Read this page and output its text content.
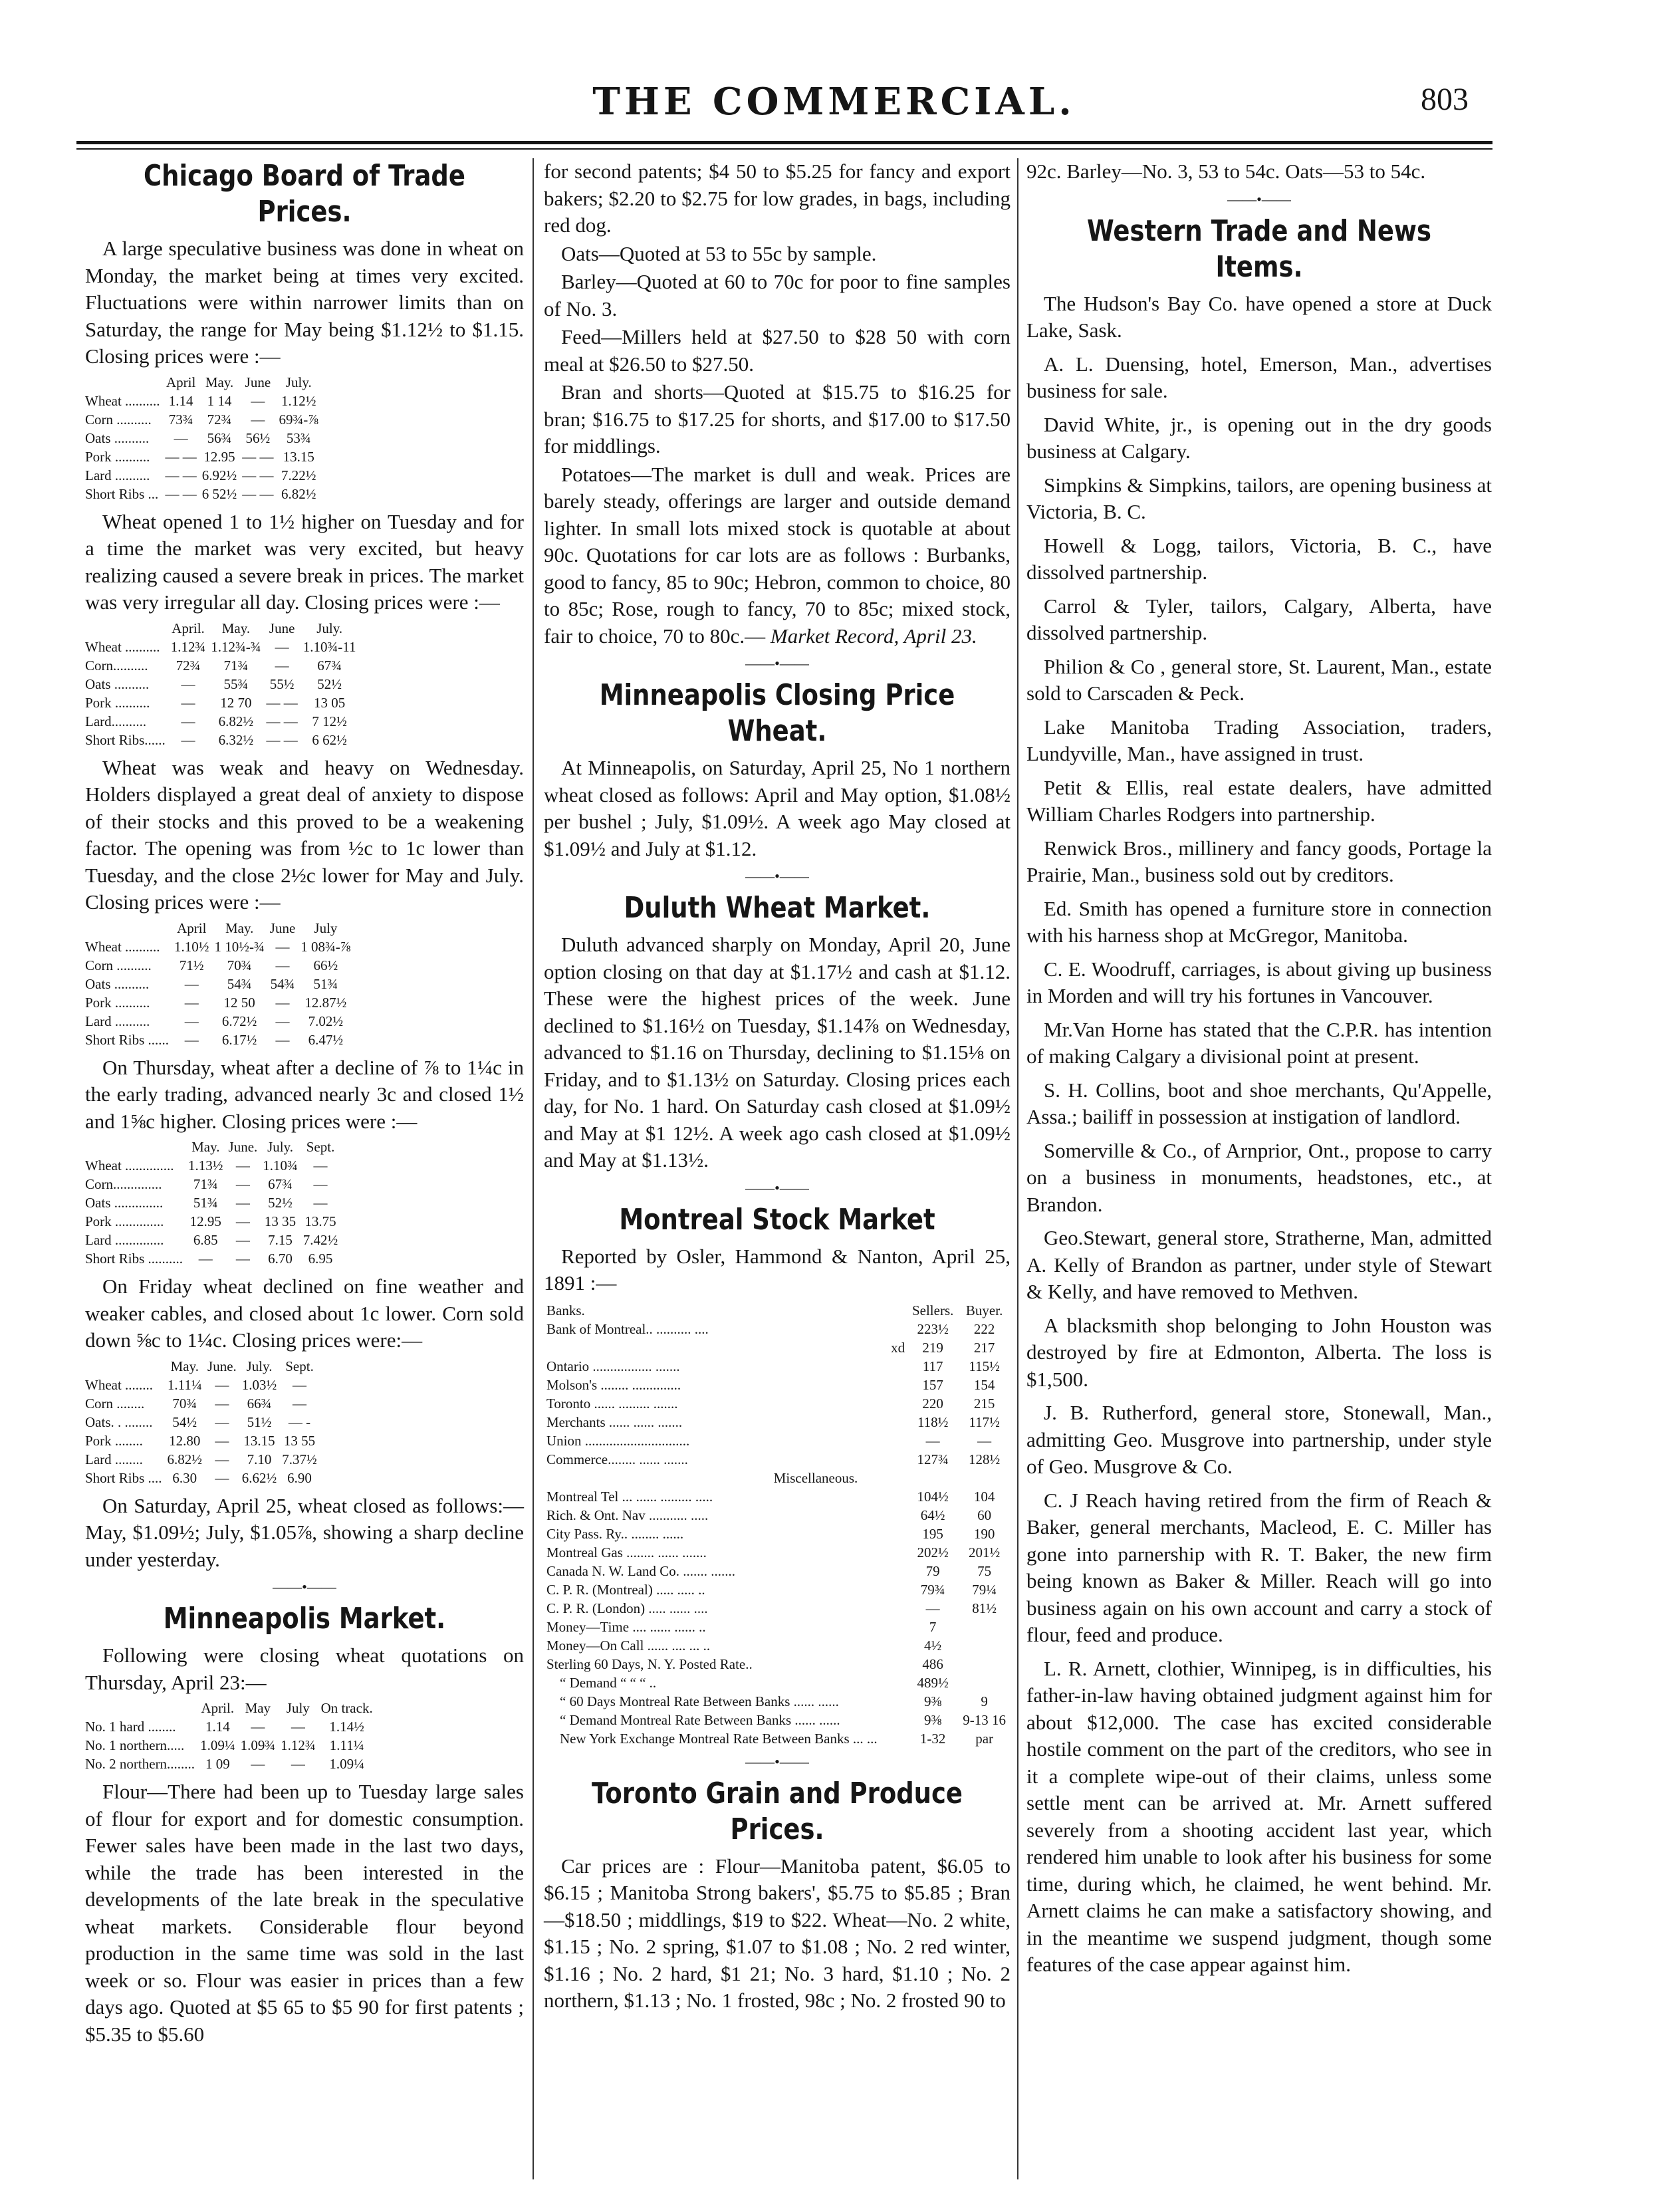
THE COMMERCIAL.	803
Chicago Board of Trade Prices.

A large speculative business was done in wheat on Monday, the market being at times very excited. Fluctuations were within narrower limits than on Saturday, the range for May being $1.12½ to $1.15. Closing prices were :—

	April	May.	June	July.
Wheat ..........	1.14	1 14	—	1.12½
Corn ..........	73¾	72¾	—	69¾-⅞
Oats ..........	—	56¾	56½	53¾
Pork ..........	— —	12.95	— —	13.15
Lard ..........	— —	6.92½	— —	7.22½
Short Ribs ...	— —	6 52½	— —	6.82½

Wheat opened 1 to 1½ higher on Tuesday and for a time the market was very excited, but heavy realizing caused a severe break in prices. The market was very irregular all day. Closing prices were :—

	April.	May.	June	July.
Wheat ..........	1.12¾	1.12¾-¾	—	1.10¾-11
Corn..........	72¾	71¾	—	67¾
Oats ..........	—	55¾	55½	52½
Pork ..........	—	12 70	— —	13 05
Lard..........	—	6.82½	— —	7 12½
Short Ribs......	—	6.32½	— —	6 62½

Wheat was weak and heavy on Wednesday. Holders displayed a great deal of anxiety to dispose of their stocks and this proved to be a weakening factor. The opening was from ½c to 1c lower than Tuesday, and the close 2½c lower for May and July. Closing prices were :—

	April	May.	June	July
Wheat ..........	1.10½	1 10½-¾	—	1 08¾-⅞
Corn ..........	71½	70¾	—	66½
Oats ..........	—	54¾	54¾	51¾
Pork ..........	—	12 50	—	12.87½
Lard ..........	—	6.72½	—	7.02½
Short Ribs ......	—	6.17½	—	6.47½

On Thursday, wheat after a decline of ⅞ to 1¼c in the early trading, advanced nearly 3c and closed 1½ and 1⅝c higher. Closing prices were :—

	May.	June.	July.	Sept.
Wheat ..............	1.13½	—	1.10¾	—
Corn..............	71¾	—	67¾	—
Oats ..............	51¾	—	52½	—
Pork ..............	12.95	—	13 35	13.75
Lard ..............	6.85	—	7.15	7.42½
Short Ribs ..........	—	—	6.70	6.95

On Friday wheat declined on fine weather and weaker cables, and closed about 1c lower. Corn sold down ⅝c to 1¼c. Closing prices were:—

	May.	June.	July.	Sept.
Wheat ........	1.11¼	—	1.03½	—
Corn ........	70¾	—	66¾	—
Oats. . ........	54½	—	51½	— -
Pork ........	12.80	—	13.15	13 55
Lard ........	6.82½	—	7.10	7.37½
Short Ribs ....	6.30	—	6.62½	6.90

On Saturday, April 25, wheat closed as follows:—May, $1.09½; July, $1.05⅞, showing a sharp decline under yesterday.

——•——
Minneapolis Market.

Following were closing wheat quotations on Thursday, April 23:—

	April.	May	July	On track.
No. 1 hard ........	1.14	—	—	1.14½
No. 1 northern.....	1.09¼	1.09¾	1.12¾	1.11¼
No. 2 northern........	1 09	—	—	1.09¼

Flour—There had been up to Tuesday large sales of flour for export and for domestic consumption. Fewer sales have been made in the last two days, while the trade has been interested in the developments of the late break in the speculative wheat markets. Considerable flour beyond production in the same time was sold in the last week or so. Flour was easier in prices than a few days ago. Quoted at $5 65 to $5 90 for first patents ; $5.35 to $5.60

for second patents; $4 50 to $5.25 for fancy and export bakers; $2.20 to $2.75 for low grades, in bags, including red dog.

Oats—Quoted at 53 to 55c by sample.

Barley—Quoted at 60 to 70c for poor to fine samples of No. 3.

Feed—Millers held at $27.50 to $28 50 with corn meal at $26.50 to $27.50.

Bran and shorts—Quoted at $15.75 to $16.25 for bran; $16.75 to $17.25 for shorts, and $17.00 to $17.50 for middlings.

Potatoes—The market is dull and weak. Prices are barely steady, offerings are larger and outside demand lighter. In small lots mixed stock is quotable at about 90c. Quotations for car lots are as follows : Burbanks, good to fancy, 85 to 90c; Hebron, common to choice, 80 to 85c; Rose, rough to fancy, 70 to 85c; mixed stock, fair to choice, 70 to 80c.— Market Record, April 23.

——•——
Minneapolis Closing Price Wheat.

At Minneapolis, on Saturday, April 25, No 1 northern wheat closed as follows: April and May option, $1.08½ per bushel ; July, $1.09½. A week ago May closed at $1.09½ and July at $1.12.

——•——
Duluth Wheat Market.

Duluth advanced sharply on Monday, April 20, June option closing on that day at $1.17½ and cash at $1.12. These were the highest prices of the week. June declined to $1.16½ on Tuesday, $1.14⅞ on Wednesday, advanced to $1.16 on Thursday, declining to $1.15⅛ on Friday, and to $1.13½ on Saturday. Closing prices each day, for No. 1 hard. On Saturday cash closed at $1.09½ and May at $1 12½. A week ago cash closed at $1.09½ and May at $1.13½.

——•——
Montreal Stock Market

Reported by Osler, Hammond & Nanton, April 25, 1891 :—

Banks.	Sellers.	Buyer.
Bank of Montreal.. .......... ....	223½	222
xd	219	217
Ontario ................. .......	117	115½
Molson's ........ ..............	157	154
Toronto ...... ......... .......	220	215
Merchants ...... ...... .......	118½	117½
Union ..............................	—	—
Commerce........ ...... .......	127¾	128½
Miscellaneous.		
Montreal Tel ... ...... ......... .....	104½	104
Rich. & Ont. Nav ........... .....	64½	60
City Pass. Ry.. ........ ......	195	190
Montreal Gas ........ ...... .......	202½	201½
Canada N. W. Land Co. ....... .......	79	75
C. P. R. (Montreal) ..... ..... ..	79¾	79¼
C. P. R. (London) ..... ...... ....	—	81½
Money—Time .... ...... ...... ..	7	
Money—On Call ...... .... ... ..	4½	
Sterling 60 Days, N. Y. Posted Rate..	486	
“ Demand “ “ “ ..	489½	
“ 60 Days Montreal Rate Between Banks ...... ......	9⅜	9
“ Demand Montreal Rate Between Banks ...... ......	9⅜	9-13 16
New York Exchange Montreal Rate Between Banks ... ...	1-32	par
——•——
Toronto Grain and Produce Prices.

Car prices are : Flour—Manitoba patent, $6.05 to $6.15 ; Manitoba Strong bakers', $5.75 to $5.85 ; Bran —$18.50 ; middlings, $19 to $22. Wheat—No. 2 white, $1.15 ; No. 2 spring, $1.07 to $1.08 ; No. 2 red winter, $1.16 ; No. 2 hard, $1 21; No. 3 hard, $1.10 ; No. 2 northern, $1.13 ; No. 1 frosted, 98c ; No. 2 frosted 90 to

92c. Barley—No. 3, 53 to 54c. Oats—53 to 54c.

——•——
Western Trade and News Items.

The Hudson's Bay Co. have opened a store at Duck Lake, Sask.

A. L. Duensing, hotel, Emerson, Man., advertises business for sale.

David White, jr., is opening out in the dry goods business at Calgary.

Simpkins & Simpkins, tailors, are opening business at Victoria, B. C.

Howell & Logg, tailors, Victoria, B. C., have dissolved partnership.

Carrol & Tyler, tailors, Calgary, Alberta, have dissolved partnership.

Philion & Co , general store, St. Laurent, Man., estate sold to Carscaden & Peck.

Lake Manitoba Trading Association, traders, Lundyville, Man., have assigned in trust.

Petit & Ellis, real estate dealers, have admitted William Charles Rodgers into partnership.

Renwick Bros., millinery and fancy goods, Portage la Prairie, Man., business sold out by creditors.

Ed. Smith has opened a furniture store in connection with his harness shop at McGregor, Manitoba.

C. E. Woodruff, carriages, is about giving up business in Morden and will try his fortunes in Vancouver.

Mr.Van Horne has stated that the C.P.R. has intention of making Calgary a divisional point at present.

S. H. Collins, boot and shoe merchants, Qu'Appelle, Assa.; bailiff in possession at instigation of landlord.

Somerville & Co., of Arnprior, Ont., propose to carry on a business in monuments, headstones, etc., at Brandon.

Geo.Stewart, general store, Stratherne, Man, admitted A. Kelly of Brandon as partner, under style of Stewart & Kelly, and have removed to Methven.

A blacksmith shop belonging to John Houston was destroyed by fire at Edmonton, Alberta. The loss is $1,500.

J. B. Rutherford, general store, Stonewall, Man., admitting Geo. Musgrove into partnership, under style of Geo. Musgrove & Co.

C. J Reach having retired from the firm of Reach & Baker, general merchants, Macleod, E. C. Miller has gone into parnership with R. T. Baker, the new firm being known as Baker & Miller. Reach will go into business again on his own account and carry a stock of flour, feed and produce.

L. R. Arnett, clothier, Winnipeg, is in difficulties, his father-in-law having obtained judgment against him for about $12,000. The case has excited considerable hostile comment on the part of the creditors, who see in it a complete wipe-out of their claims, unless some settle ment can be arrived at. Mr. Arnett suffered severely from a shooting accident last year, which rendered him unable to look after his business for some time, during which, he claimed, he went behind. Mr. Arnett claims he can make a satisfactory showing, and in the meantime we suspend judgment, though some features of the case appear against him.
